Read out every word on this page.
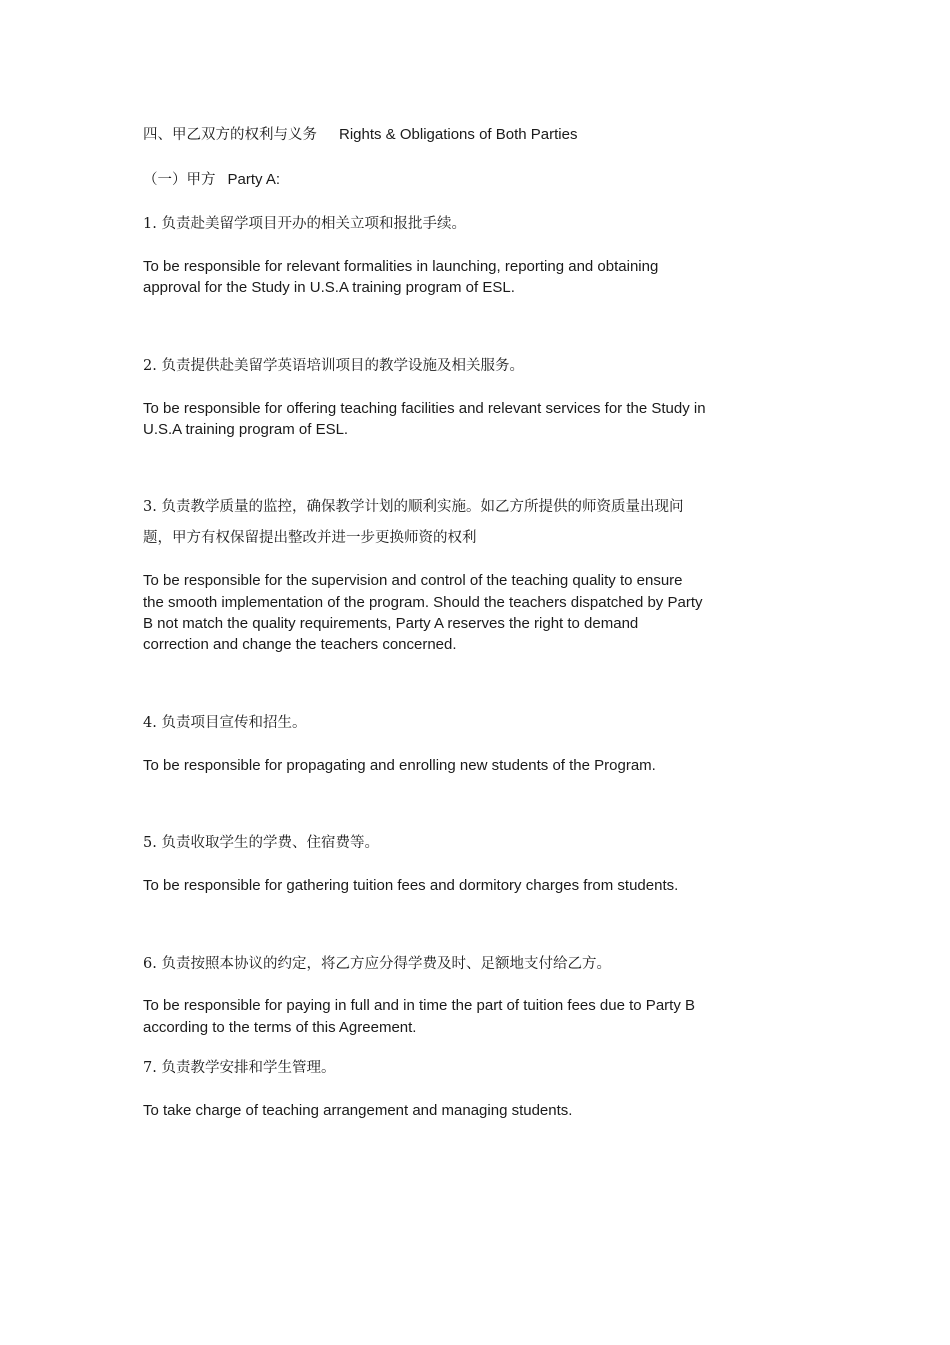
四、甲乙双方的权利与义务 Rights & Obligations of Both Parties
（一）甲方 Party A:
1. 负责赴美留学项目开办的相关立项和报批手续。
To be responsible for relevant formalities in launching, reporting and obtaining
approval for the Study in U.S.A training program of ESL.
2. 负责提供赴美留学英语培训项目的教学设施及相关服务。
To be responsible for offering teaching facilities and relevant services for the Study in
U.S.A training program of ESL.
3. 负责教学质量的监控，确保教学计划的顺利实施。如乙方所提供的师资质量出现问
题，甲方有权保留提出整改并进一步更换师资的权利
To be responsible for the supervision and control of the teaching quality to ensure
the smooth implementation of the program. Should the teachers dispatched by Party
B not match the quality requirements, Party A reserves the right to demand
correction and change the teachers concerned.
4. 负责项目宣传和招生。
To be responsible for propagating and enrolling new students of the Program.
5. 负责收取学生的学费、住宿费等。
To be responsible for gathering tuition fees and dormitory charges from students.
6. 负责按照本协议的约定，将乙方应分得学费及时、足额地支付给乙方。
To be responsible for paying in full and in time the part of tuition fees due to Party B
according to the terms of this Agreement.
7. 负责教学安排和学生管理。
To take charge of teaching arrangement and managing students.
